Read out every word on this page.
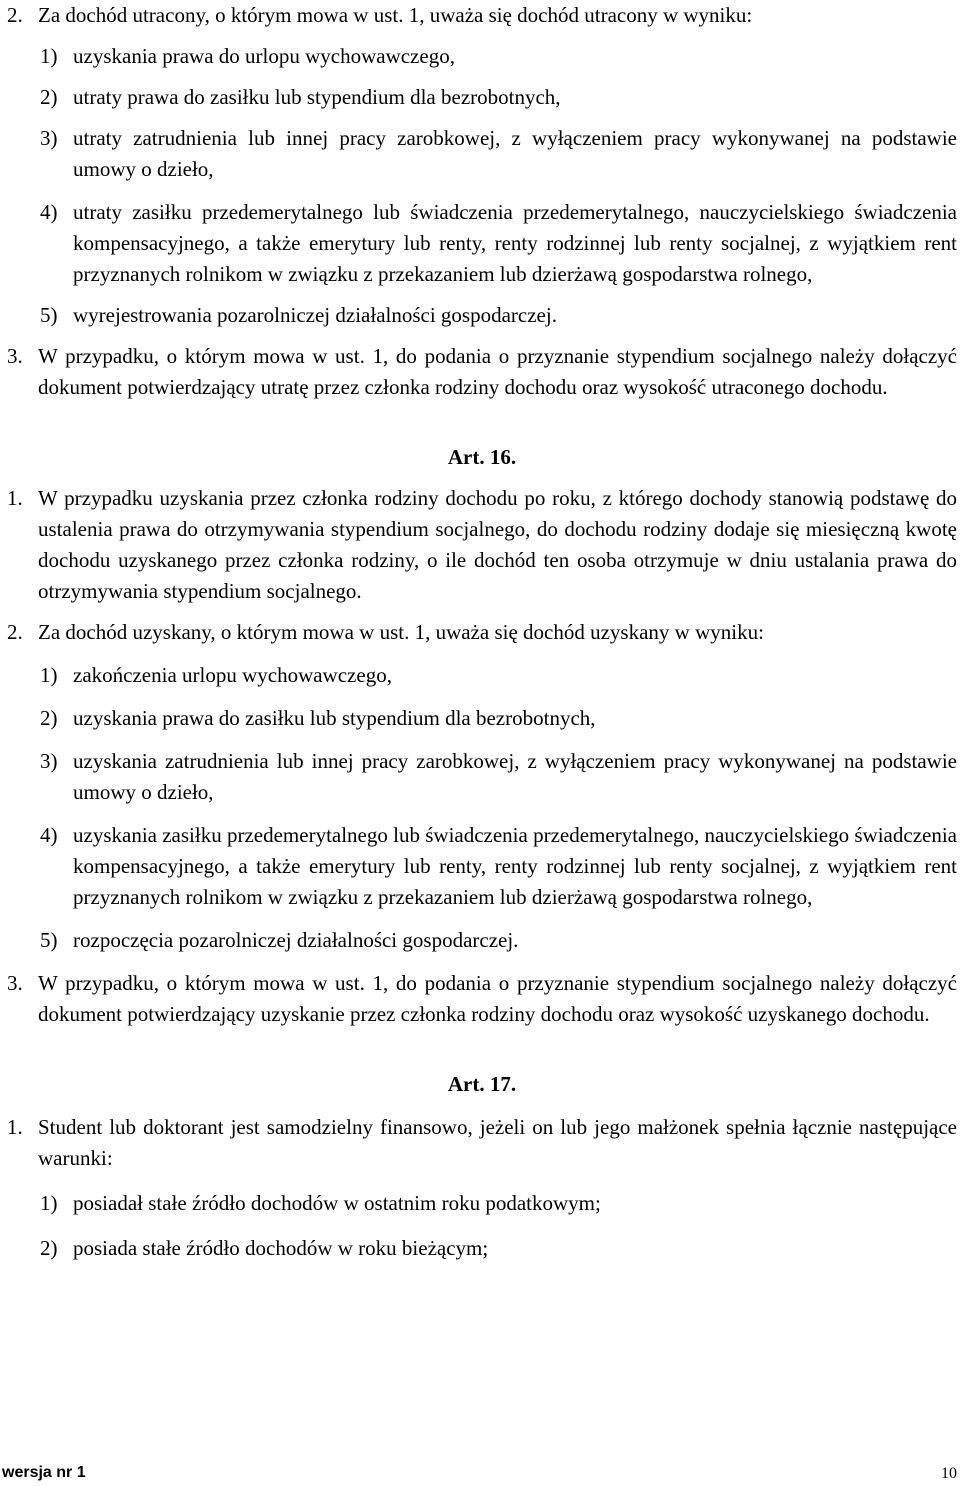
2. Za dochód utracony, o którym mowa w ust. 1, uważa się dochód utracony w wyniku:
1) uzyskania prawa do urlopu wychowawczego,
2) utraty prawa do zasiłku lub stypendium dla bezrobotnych,
3) utraty zatrudnienia lub innej pracy zarobkowej, z wyłączeniem pracy wykonywanej na podstawie umowy o dzieło,
4) utraty zasiłku przedemerytalnego lub świadczenia przedemerytalnego, nauczycielskiego świadczenia kompensacyjnego, a także emerytury lub renty, renty rodzinnej lub renty socjalnej, z wyjątkiem rent przyznanych rolnikom w związku z przekazaniem lub dzierżawą gospodarstwa rolnego,
5) wyrejestrowania pozarolniczej działalności gospodarczej.
3. W przypadku, o którym mowa w ust. 1, do podania o przyznanie stypendium socjalnego należy dołączyć dokument potwierdzający utratę przez członka rodziny dochodu oraz wysokość utraconego dochodu.
Art. 16.
1. W przypadku uzyskania przez członka rodziny dochodu po roku, z którego dochody stanowią podstawę do ustalenia prawa do otrzymywania stypendium socjalnego, do dochodu rodziny dodaje się miesięczną kwotę dochodu uzyskanego przez członka rodziny, o ile dochód ten osoba otrzymuje w dniu ustalania prawa do otrzymywania stypendium socjalnego.
2. Za dochód uzyskany, o którym mowa w ust. 1, uważa się dochód uzyskany w wyniku:
1) zakończenia urlopu wychowawczego,
2) uzyskania prawa do zasiłku lub stypendium dla bezrobotnych,
3) uzyskania zatrudnienia lub innej pracy zarobkowej, z wyłączeniem pracy wykonywanej na podstawie umowy o dzieło,
4) uzyskania zasiłku przedemerytalnego lub świadczenia przedemerytalnego, nauczycielskiego świadczenia kompensacyjnego, a także emerytury lub renty, renty rodzinnej lub renty socjalnej, z wyjątkiem rent przyznanych rolnikom w związku z przekazaniem lub dzierżawą gospodarstwa rolnego,
5) rozpoczęcia pozarolniczej działalności gospodarczej.
3. W przypadku, o którym mowa w ust. 1, do podania o przyznanie stypendium socjalnego należy dołączyć dokument potwierdzający uzyskanie przez członka rodziny dochodu oraz wysokość uzyskanego dochodu.
Art. 17.
1. Student lub doktorant jest samodzielny finansowo, jeżeli on lub jego małżonek spełnia łącznie następujące warunki:
1) posiadał stałe źródło dochodów w ostatnim roku podatkowym;
2) posiada stałe źródło dochodów w roku bieżącym;
wersja nr 1	10
